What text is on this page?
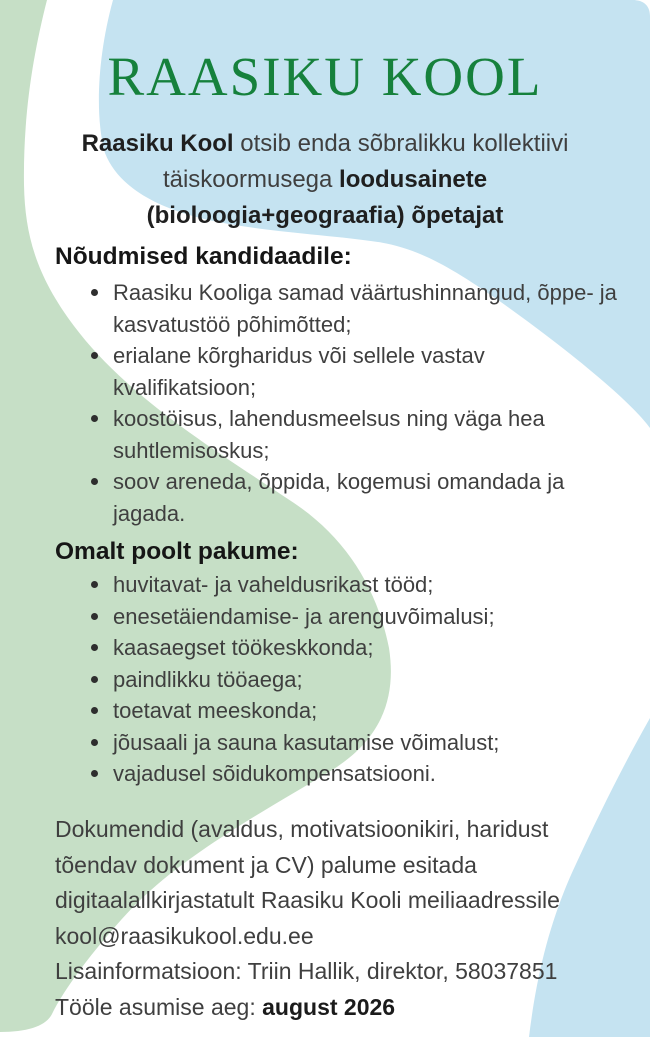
RAASIKU KOOL
Raasiku Kool otsib enda sõbralikku kollektiivi
täiskoormusega loodusainete
(bioloogia+geograafia) õpetajat
Nõudmised kandidaadile:
Raasiku Kooliga samad väärtushinnangud, õppe- ja
kasvatustöö põhimõtted;
erialane kõrgharidus või sellele vastav
kvalifikatsioon;
koostöisus, lahendusmeelsus ning väga hea
suhtlemisoskus;
soov areneda, õppida, kogemusi omandada ja
jagada.
Omalt poolt pakume:
huvitavat- ja vaheldusrikast tööd;
enesetäiendamise- ja arenguvõimalusi;
kaasaegset töökeskkonda;
paindlikku tööaega;
toetavat meeskonda;
jõusaali ja sauna kasutamise võimalust;
vajadusel sõidukompensatsiooni.
Dokumendid (avaldus, motivatsioonikiri, haridust
tõendav dokument ja CV) palume esitada
digitaalallkirjastatult Raasiku Kooli meiliaadressile
kool@raasikukool.edu.ee
Lisainformatsioon: Triin Hallik, direktor, 58037851
Tööle asumise aeg: august 2026
